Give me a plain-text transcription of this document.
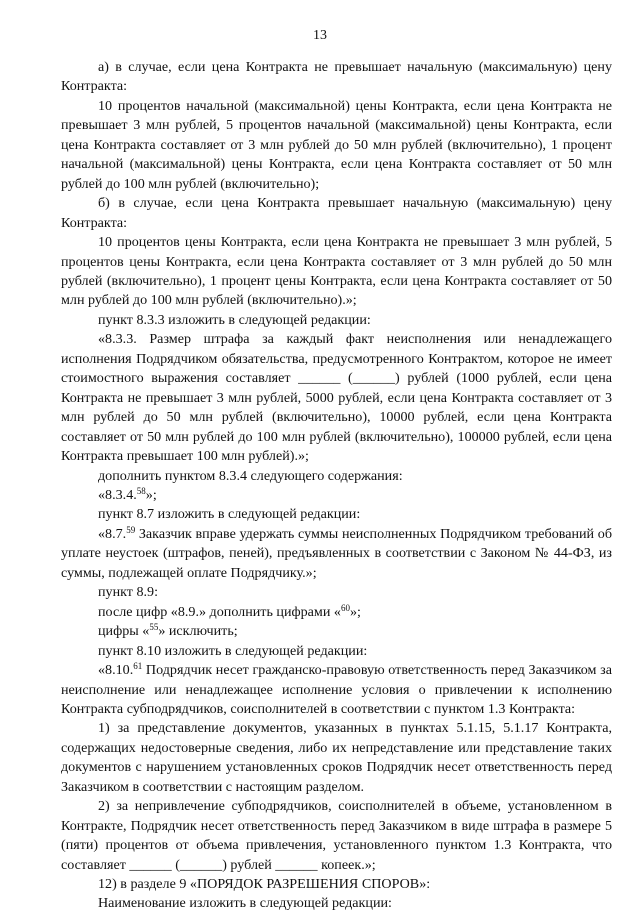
13

а) в случае, если цена Контракта не превышает начальную (максимальную) цену Контракта:

10 процентов начальной (максимальной) цены Контракта, если цена Контракта не превышает 3 млн рублей, 5 процентов начальной (максимальной) цены Контракта, если цена Контракта составляет от 3 млн рублей до 50 млн рублей (включительно), 1 процент начальной (максимальной) цены Контракта, если цена Контракта составляет от 50 млн рублей до 100 млн рублей (включительно);

б) в случае, если цена Контракта превышает начальную (максимальную) цену Контракта:

10 процентов цены Контракта, если цена Контракта не превышает 3 млн рублей, 5 процентов цены Контракта, если цена Контракта составляет от 3 млн рублей до 50 млн рублей (включительно), 1 процент цены Контракта, если цена Контракта составляет от 50 млн рублей до 100 млн рублей (включительно).»;

пункт 8.3.3 изложить в следующей редакции:

«8.3.3. Размер штрафа за каждый факт неисполнения или ненадлежащего исполнения Подрядчиком обязательства, предусмотренного Контрактом, которое не имеет стоимостного выражения составляет ______ (______) рублей (1000 рублей, если цена Контракта не превышает 3 млн рублей, 5000 рублей, если цена Контракта составляет от 3 млн рублей до 50 млн рублей (включительно), 10000 рублей, если цена Контракта составляет от 50 млн рублей до 100 млн рублей (включительно), 100000 рублей, если цена Контракта превышает 100 млн рублей).»;

дополнить пунктом 8.3.4 следующего содержания:

«8.3.4.58»;

пункт 8.7 изложить в следующей редакции:

«8.7.59 Заказчик вправе удержать суммы неисполненных Подрядчиком требований об уплате неустоек (штрафов, пеней), предъявленных в соответствии с Законом № 44-ФЗ, из суммы, подлежащей оплате Подрядчику.»;

пункт 8.9:

после цифр «8.9.» дополнить цифрами «$^{60}$»;

цифры «$^{55}$» исключить;

пункт 8.10 изложить в следующей редакции:

«8.10.61 Подрядчик несет гражданско-правовую ответственность перед Заказчиком за неисполнение или ненадлежащее исполнение условия о привлечении к исполнению Контракта субподрядчиков, соисполнителей в соответствии с пунктом 1.3 Контракта:

1) за представление документов, указанных в пунктах 5.1.15, 5.1.17 Контракта, содержащих недостоверные сведения, либо их непредставление или представление таких документов с нарушением установленных сроков Подрядчик несет ответственность перед Заказчиком в соответствии с настоящим разделом.

2) за непривлечение субподрядчиков, соисполнителей в объеме, установленном в Контракте, Подрядчик несет ответственность перед Заказчиком в виде штрафа в размере 5 (пяти) процентов от объема привлечения, установленного пунктом 1.3 Контракта, что составляет ______ (______) рублей ______ копеек.»;

12) в разделе 9 «ПОРЯДОК РАЗРЕШЕНИЯ СПОРОВ»:

Наименование изложить в следующей редакции:
